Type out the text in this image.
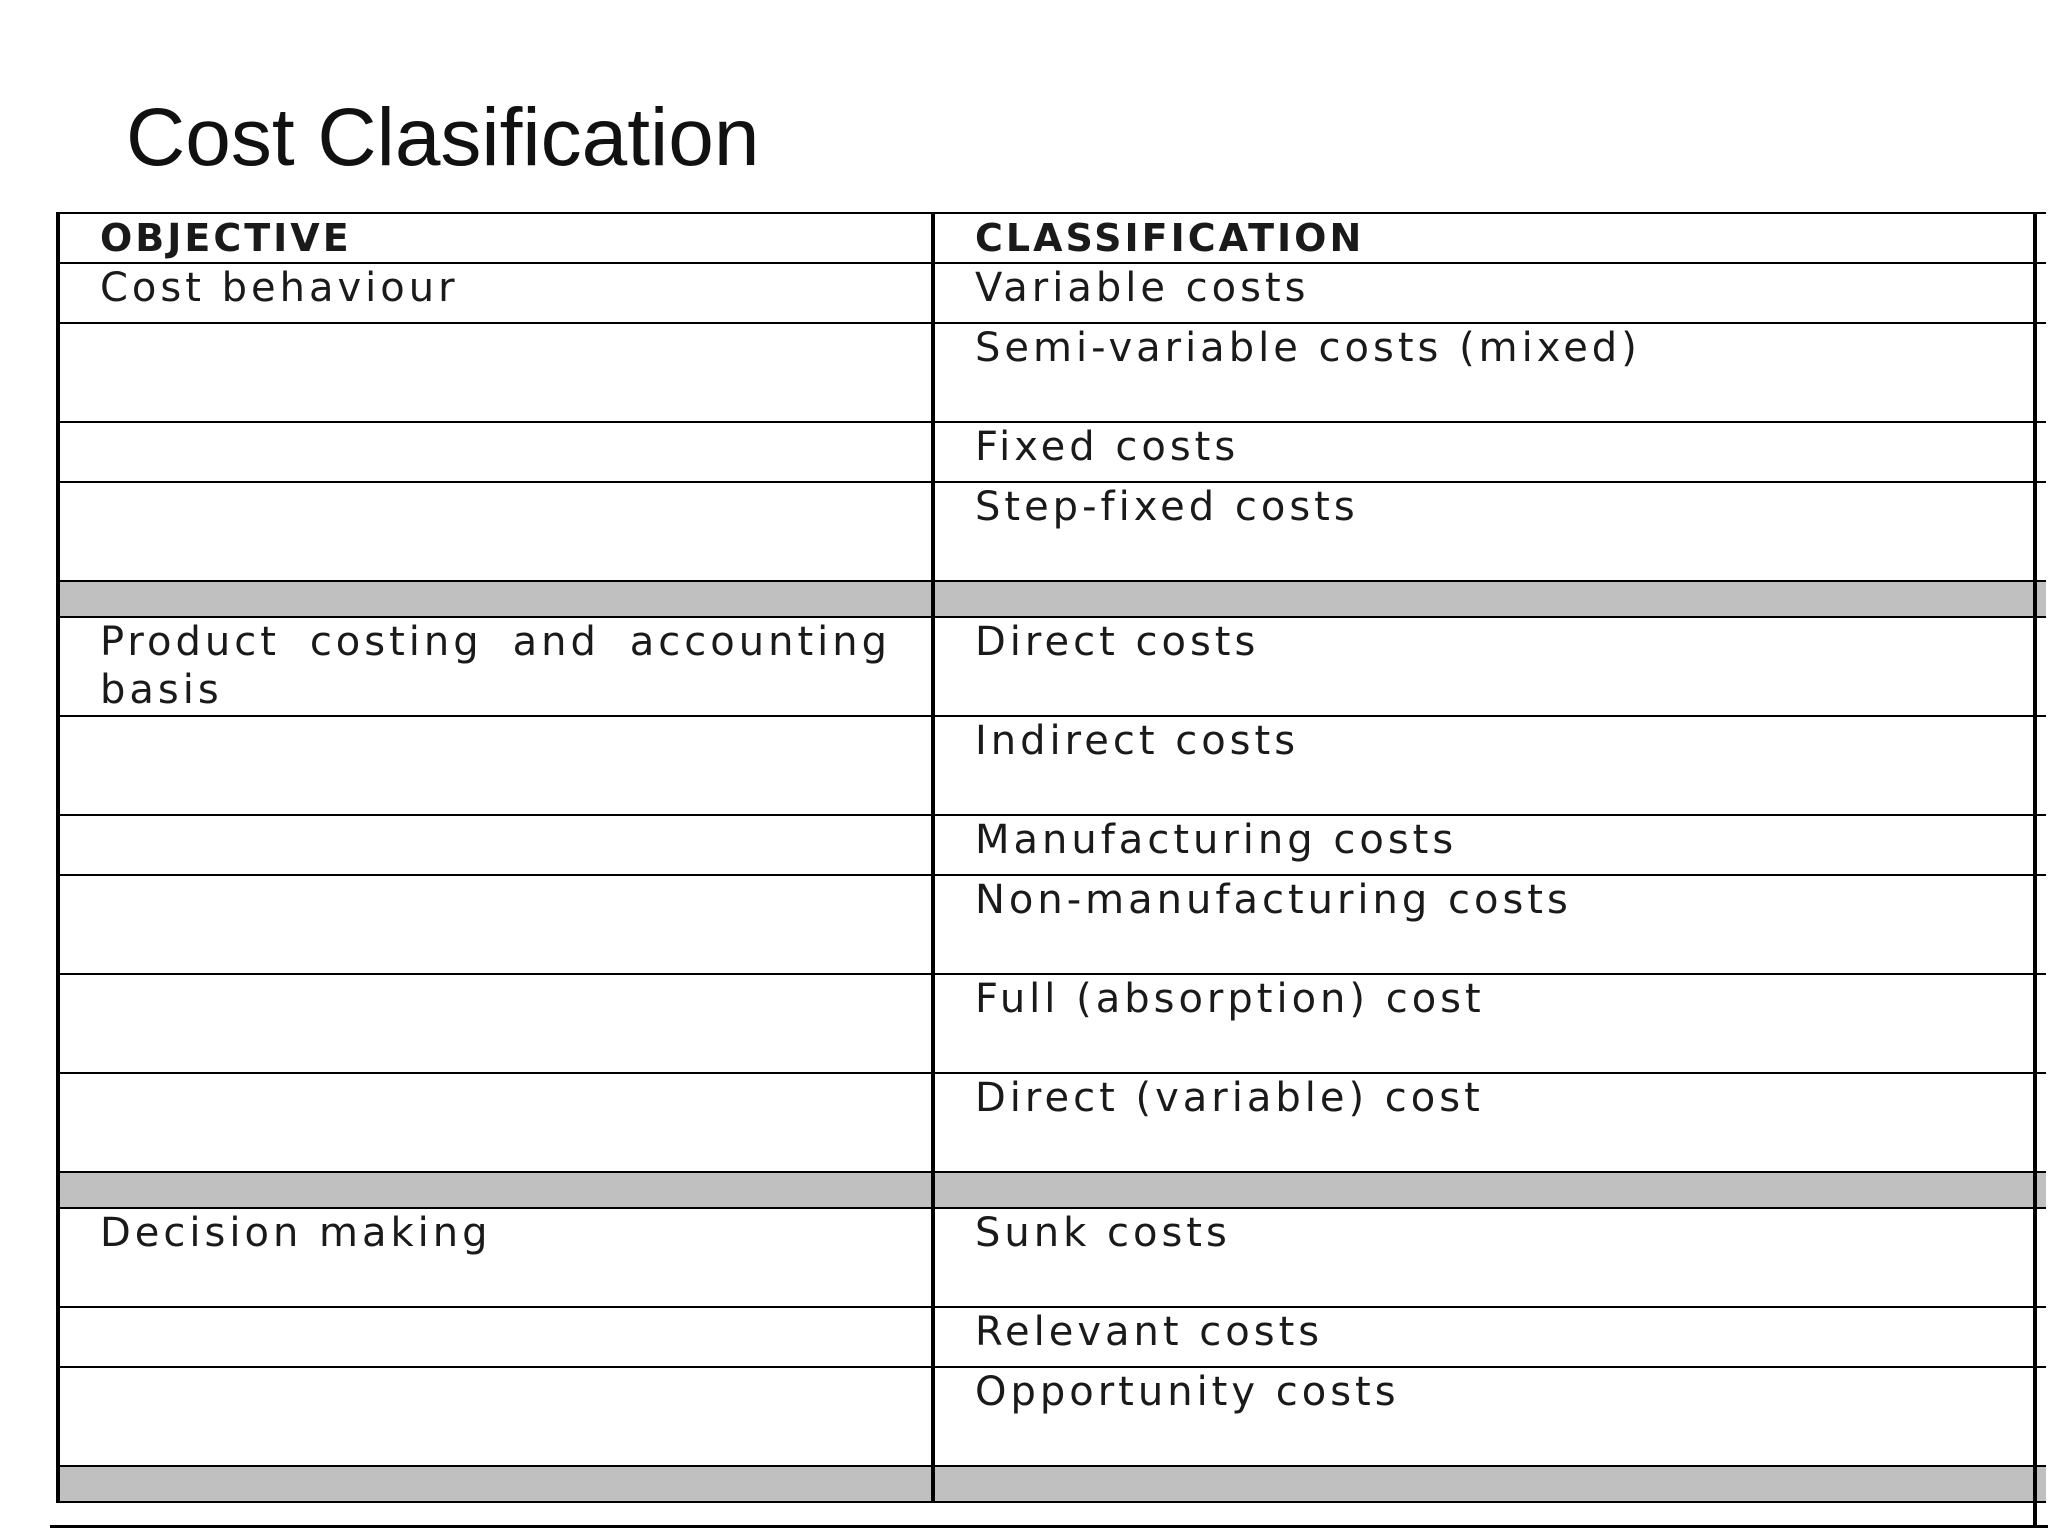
Cost Clasification
OBJECTIVE	CLASSIFICATION
Cost behaviour	Variable costs
	Semi-variable costs (mixed)
	Fixed costs
	Step-fixed costs

Product costing and accounting basis	Direct costs
	Indirect costs
	Manufacturing costs
	Non-manufacturing costs
	Full (absorption) cost
	Direct (variable) cost

Decision making	Sunk costs
	Relevant costs
	Opportunity costs
